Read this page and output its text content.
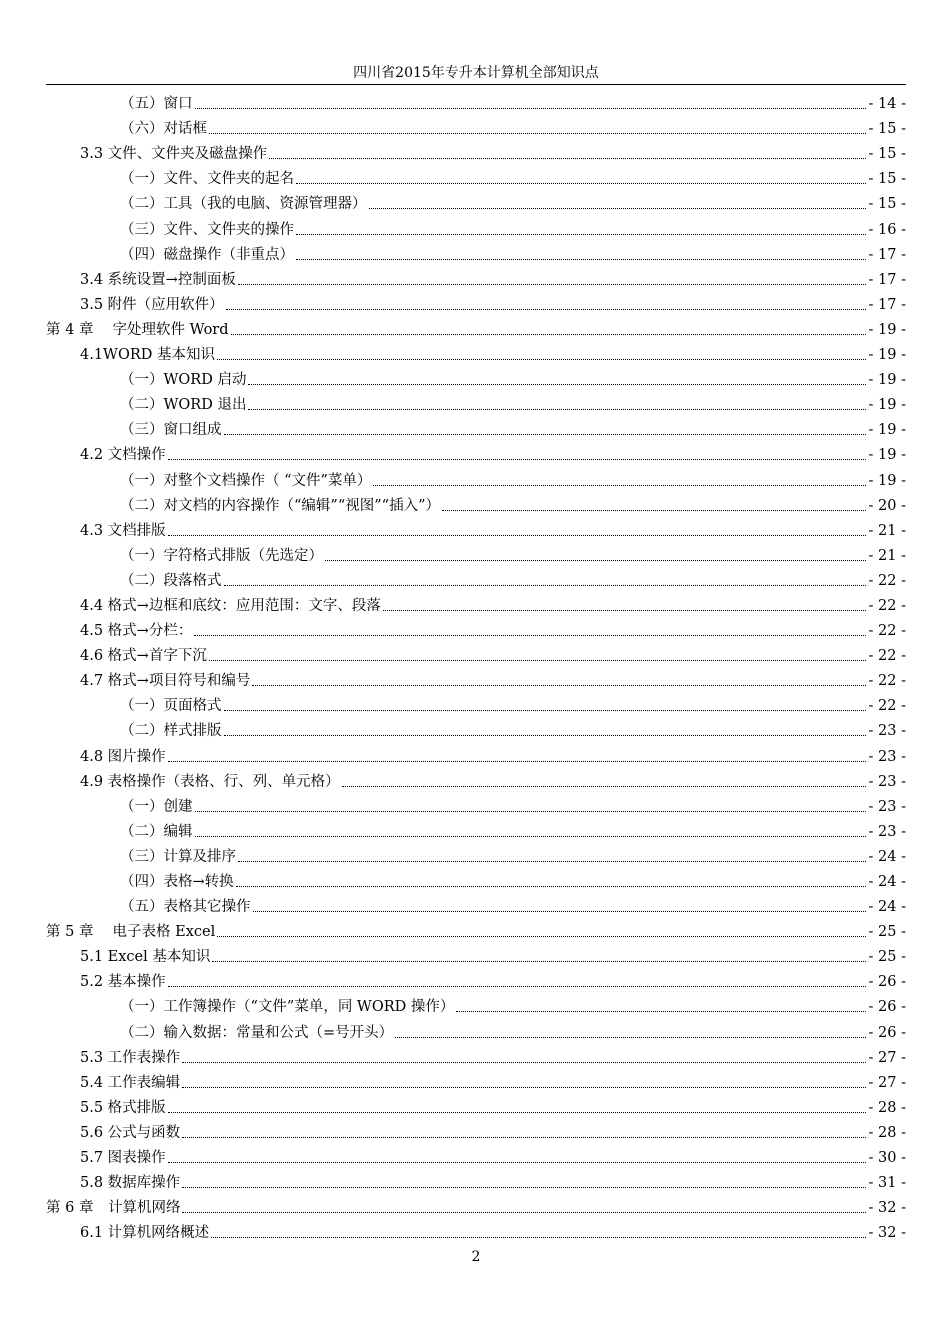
四川省2015年专升本计算机全部知识点
（五）窗口	- 14 -
（六）对话框	- 15 -
3.3 文件、文件夹及磁盘操作	- 15 -
（一）文件、文件夹的起名	- 15 -
（二）工具（我的电脑、资源管理器）	- 15 -
（三）文件、文件夹的操作	- 16 -
（四）磁盘操作（非重点）	- 17 -
3.4 系统设置→控制面板	- 17 -
3.5 附件（应用软件）	- 17 -
第 4 章　 字处理软件 Word	- 19 -
4.1WORD 基本知识	- 19 -
（一）WORD 启动	- 19 -
（二）WORD 退出	- 19 -
（三）窗口组成	- 19 -
4.2 文档操作	- 19 -
（一）对整个文档操作（ “文件”菜单）	- 19 -
（二）对文档的内容操作（“编辑”“视图”“插入”）	- 20 -
4.3 文档排版	- 21 -
（一）字符格式排版（先选定）	- 21 -
（二）段落格式	- 22 -
4.4 格式→边框和底纹：应用范围：文字、段落	- 22 -
4.5 格式→分栏：	- 22 -
4.6 格式→首字下沉	- 22 -
4.7 格式→项目符号和编号	- 22 -
（一）页面格式	- 22 -
（二）样式排版	- 23 -
4.8 图片操作	- 23 -
4.9 表格操作（表格、行、列、单元格）	- 23 -
（一）创建	- 23 -
（二）编辑	- 23 -
（三）计算及排序	- 24 -
（四）表格→转换	- 24 -
（五）表格其它操作	- 24 -
第 5 章　 电子表格 Excel	- 25 -
5.1 Excel 基本知识	- 25 -
5.2 基本操作	- 26 -
（一）工作簿操作（“文件”菜单，同 WORD 操作）	- 26 -
（二）输入数据：常量和公式（=号开头）	- 26 -
5.3 工作表操作	- 27 -
5.4 工作表编辑	- 27 -
5.5 格式排版	- 28 -
5.6 公式与函数	- 28 -
5.7 图表操作	- 30 -
5.8 数据库操作	- 31 -
第 6 章　计算机网络	- 32 -
6.1 计算机网络概述	- 32 -
2
